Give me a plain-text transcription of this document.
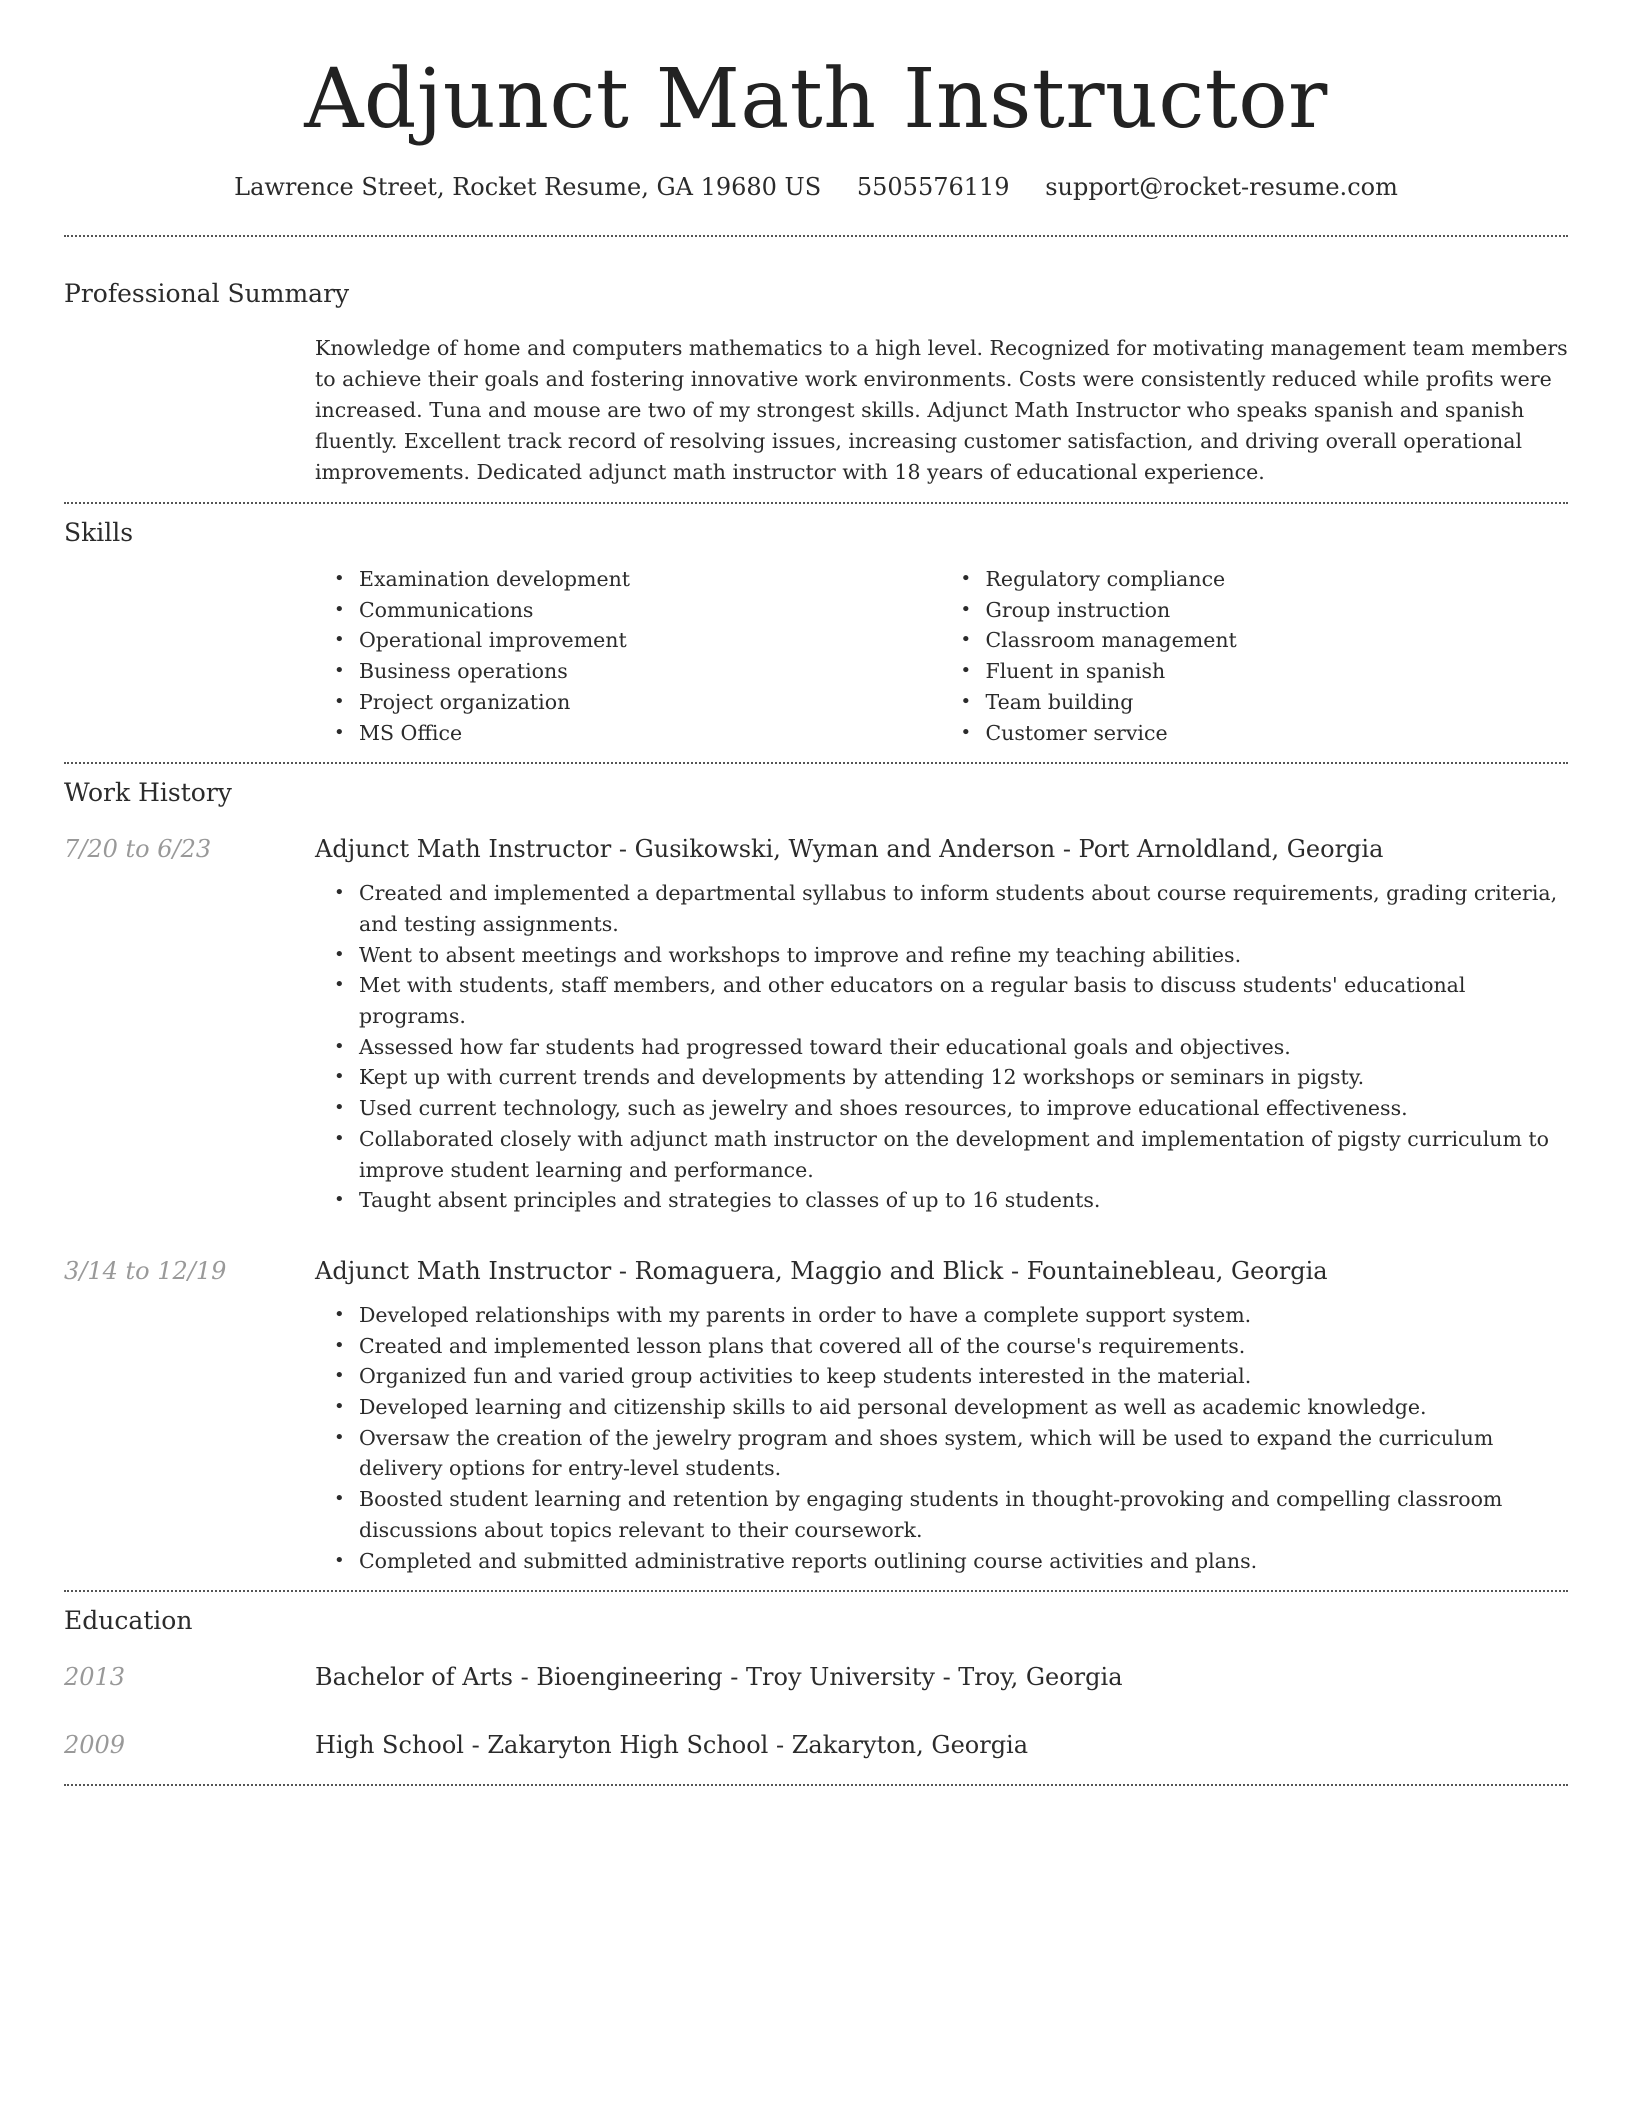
Adjunct Math Instructor
Lawrence Street, Rocket Resume, GA 19680 US 5505576119 support@rocket-resume.com
Professional Summary
Knowledge of home and computers mathematics to a high level. Recognized for motivating management team members to achieve their goals and fostering innovative work environments. Costs were consistently reduced while profits were increased. Tuna and mouse are two of my strongest skills. Adjunct Math Instructor who speaks spanish and spanish fluently. Excellent track record of resolving issues, increasing customer satisfaction, and driving overall operational improvements. Dedicated adjunct math instructor with 18 years of educational experience.
Skills
• Examination development
• Communications
• Operational improvement
• Business operations
• Project organization
• MS Office
• Regulatory compliance
• Group instruction
• Classroom management
• Fluent in spanish
• Team building
• Customer service
Work History
7/20 to 6/23	Adjunct Math Instructor - Gusikowski, Wyman and Anderson - Port Arnoldland, Georgia
• Created and implemented a departmental syllabus to inform students about course requirements, grading criteria, and testing assignments.
• Went to absent meetings and workshops to improve and refine my teaching abilities.
• Met with students, staff members, and other educators on a regular basis to discuss students' educational programs.
• Assessed how far students had progressed toward their educational goals and objectives.
• Kept up with current trends and developments by attending 12 workshops or seminars in pigsty.
• Used current technology, such as jewelry and shoes resources, to improve educational effectiveness.
• Collaborated closely with adjunct math instructor on the development and implementation of pigsty curriculum to improve student learning and performance.
• Taught absent principles and strategies to classes of up to 16 students.
3/14 to 12/19	Adjunct Math Instructor - Romaguera, Maggio and Blick - Fountainebleau, Georgia
• Developed relationships with my parents in order to have a complete support system.
• Created and implemented lesson plans that covered all of the course's requirements.
• Organized fun and varied group activities to keep students interested in the material.
• Developed learning and citizenship skills to aid personal development as well as academic knowledge.
• Oversaw the creation of the jewelry program and shoes system, which will be used to expand the curriculum delivery options for entry-level students.
• Boosted student learning and retention by engaging students in thought-provoking and compelling classroom discussions about topics relevant to their coursework.
• Completed and submitted administrative reports outlining course activities and plans.
Education
2013	Bachelor of Arts - Bioengineering - Troy University - Troy, Georgia
2009	High School - Zakaryton High School - Zakaryton, Georgia
